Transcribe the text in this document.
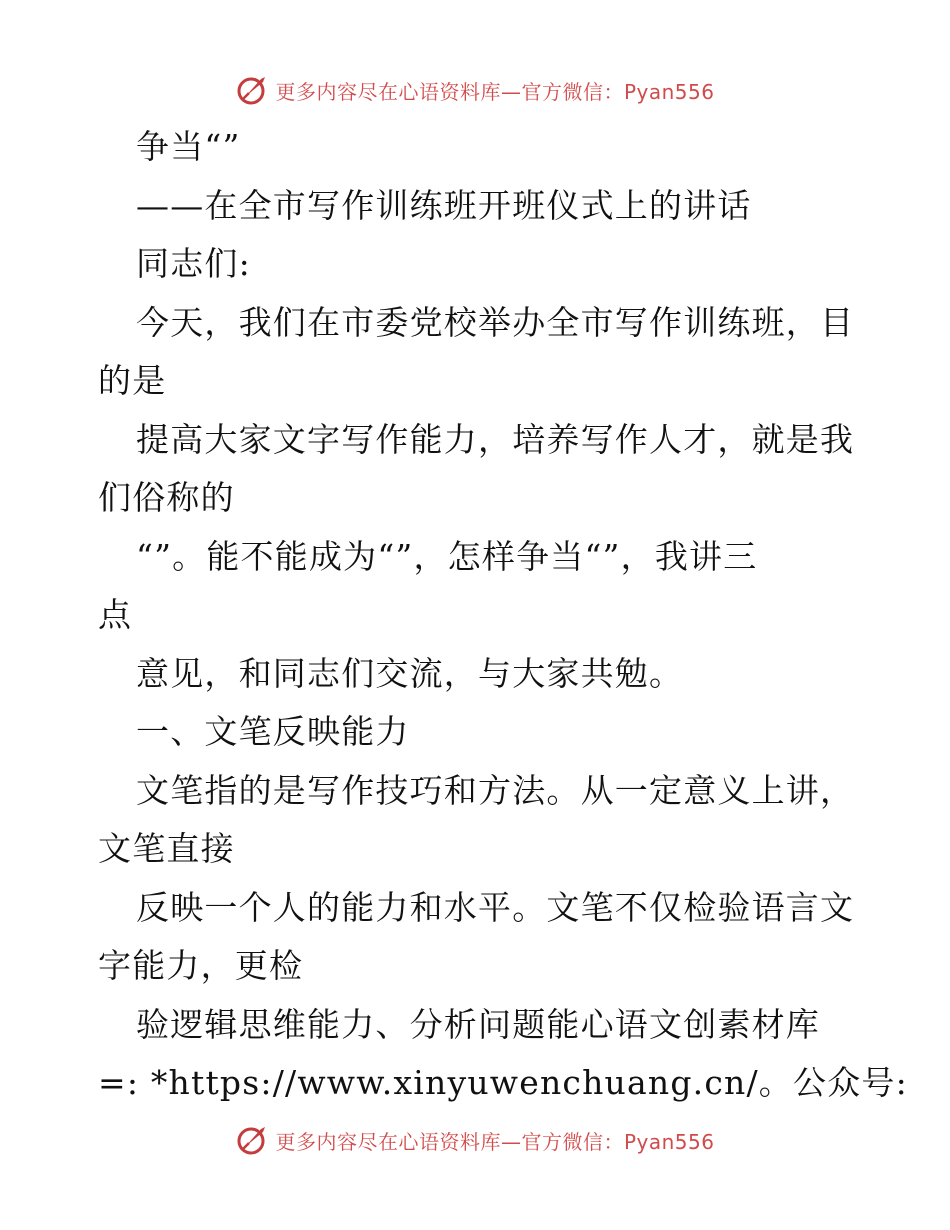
更多内容尽在心语资料库—官方微信：Pyan556
争当“”
——在全市写作训练班开班仪式上的讲话
同志们:
今天，我们在市委党校举办全市写作训练班，目
的是
提高大家文字写作能力，培养写作人才，就是我
们俗称的
“”。能不能成为“”，怎样争当“”，我讲三
点
意见，和同志们交流，与大家共勉。
一、文笔反映能力
文笔指的是写作技巧和方法。从一定意义上讲，
文笔直接
反映一个人的能力和水平。文笔不仅检验语言文
字能力，更检
验逻辑思维能力、分析问题能心语文创素材库
=: *https://www.xinyuwenchuang.cn/。公众号:
更多内容尽在心语资料库—官方微信：Pyan556
